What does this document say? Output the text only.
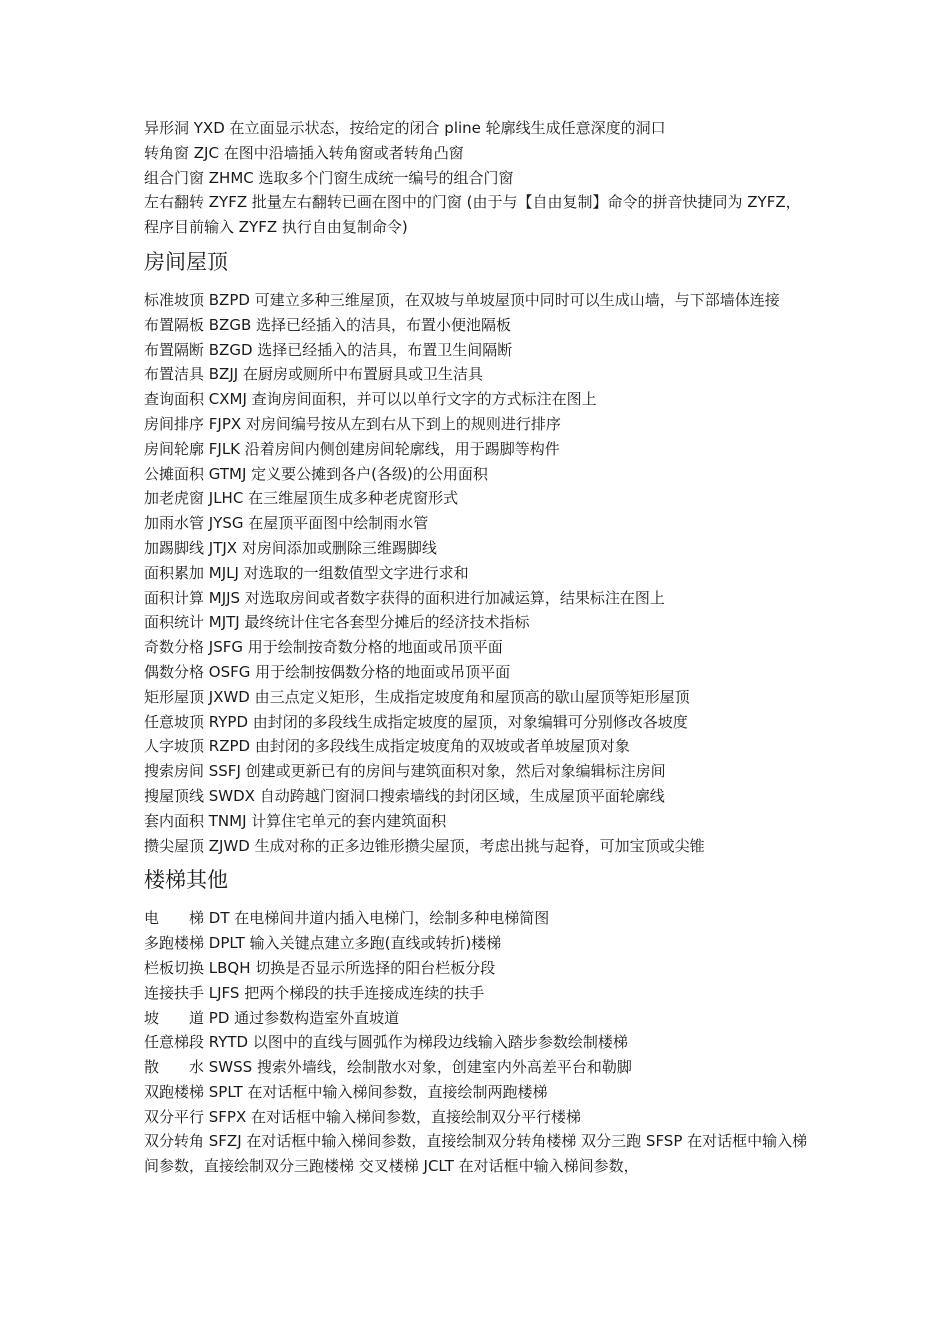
异形洞 YXD 在立面显示状态，按给定的闭合 pline 轮廓线生成任意深度的洞口

转角窗 ZJC 在图中沿墙插入转角窗或者转角凸窗

组合门窗 ZHMC 选取多个门窗生成统一编号的组合门窗

左右翻转 ZYFZ 批量左右翻转已画在图中的门窗 (由于与【自由复制】命令的拼音快捷同为 ZYFZ，程序目前输入 ZYFZ 执行自由复制命令)

房间屋顶

标准坡顶 BZPD 可建立多种三维屋顶，在双坡与单坡屋顶中同时可以生成山墙，与下部墙体连接

布置隔板 BZGB 选择已经插入的洁具，布置小便池隔板

布置隔断 BZGD 选择已经插入的洁具，布置卫生间隔断

布置洁具 BZJJ 在厨房或厕所中布置厨具或卫生洁具

查询面积 CXMJ 查询房间面积，并可以以单行文字的方式标注在图上

房间排序 FJPX 对房间编号按从左到右从下到上的规则进行排序

房间轮廓 FJLK 沿着房间内侧创建房间轮廓线，用于踢脚等构件

公摊面积 GTMJ 定义要公摊到各户(各级)的公用面积

加老虎窗 JLHC 在三维屋顶生成多种老虎窗形式

加雨水管 JYSG 在屋顶平面图中绘制雨水管

加踢脚线 JTJX 对房间添加或删除三维踢脚线

面积累加 MJLJ 对选取的一组数值型文字进行求和

面积计算 MJJS 对选取房间或者数字获得的面积进行加减运算，结果标注在图上

面积统计 MJTJ 最终统计住宅各套型分摊后的经济技术指标

奇数分格 JSFG 用于绘制按奇数分格的地面或吊顶平面

偶数分格 OSFG 用于绘制按偶数分格的地面或吊顶平面

矩形屋顶 JXWD 由三点定义矩形，生成指定坡度角和屋顶高的歇山屋顶等矩形屋顶

任意坡顶 RYPD 由封闭的多段线生成指定坡度的屋顶，对象编辑可分别修改各坡度

人字坡顶 RZPD 由封闭的多段线生成指定坡度角的双坡或者单坡屋顶对象

搜索房间 SSFJ 创建或更新已有的房间与建筑面积对象，然后对象编辑标注房间

搜屋顶线 SWDX 自动跨越门窗洞口搜索墙线的封闭区域，生成屋顶平面轮廓线

套内面积 TNMJ 计算住宅单元的套内建筑面积

攒尖屋顶 ZJWD 生成对称的正多边锥形攒尖屋顶，考虑出挑与起脊，可加宝顶或尖锥

楼梯其他

电　　梯 DT 在电梯间井道内插入电梯门，绘制多种电梯简图

多跑楼梯 DPLT 输入关键点建立多跑(直线或转折)楼梯

栏板切换 LBQH 切换是否显示所选择的阳台栏板分段

连接扶手 LJFS 把两个梯段的扶手连接成连续的扶手

坡　　道 PD 通过参数构造室外直坡道

任意梯段 RYTD 以图中的直线与圆弧作为梯段边线输入踏步参数绘制楼梯

散　　水 SWSS 搜索外墙线，绘制散水对象，创建室内外高差平台和勒脚

双跑楼梯 SPLT 在对话框中输入梯间参数，直接绘制两跑楼梯

双分平行 SFPX 在对话框中输入梯间参数，直接绘制双分平行楼梯

双分转角 SFZJ 在对话框中输入梯间参数，直接绘制双分转角楼梯 双分三跑 SFSP 在对话框中输入梯间参数，直接绘制双分三跑楼梯 交叉楼梯 JCLT 在对话框中输入梯间参数，
